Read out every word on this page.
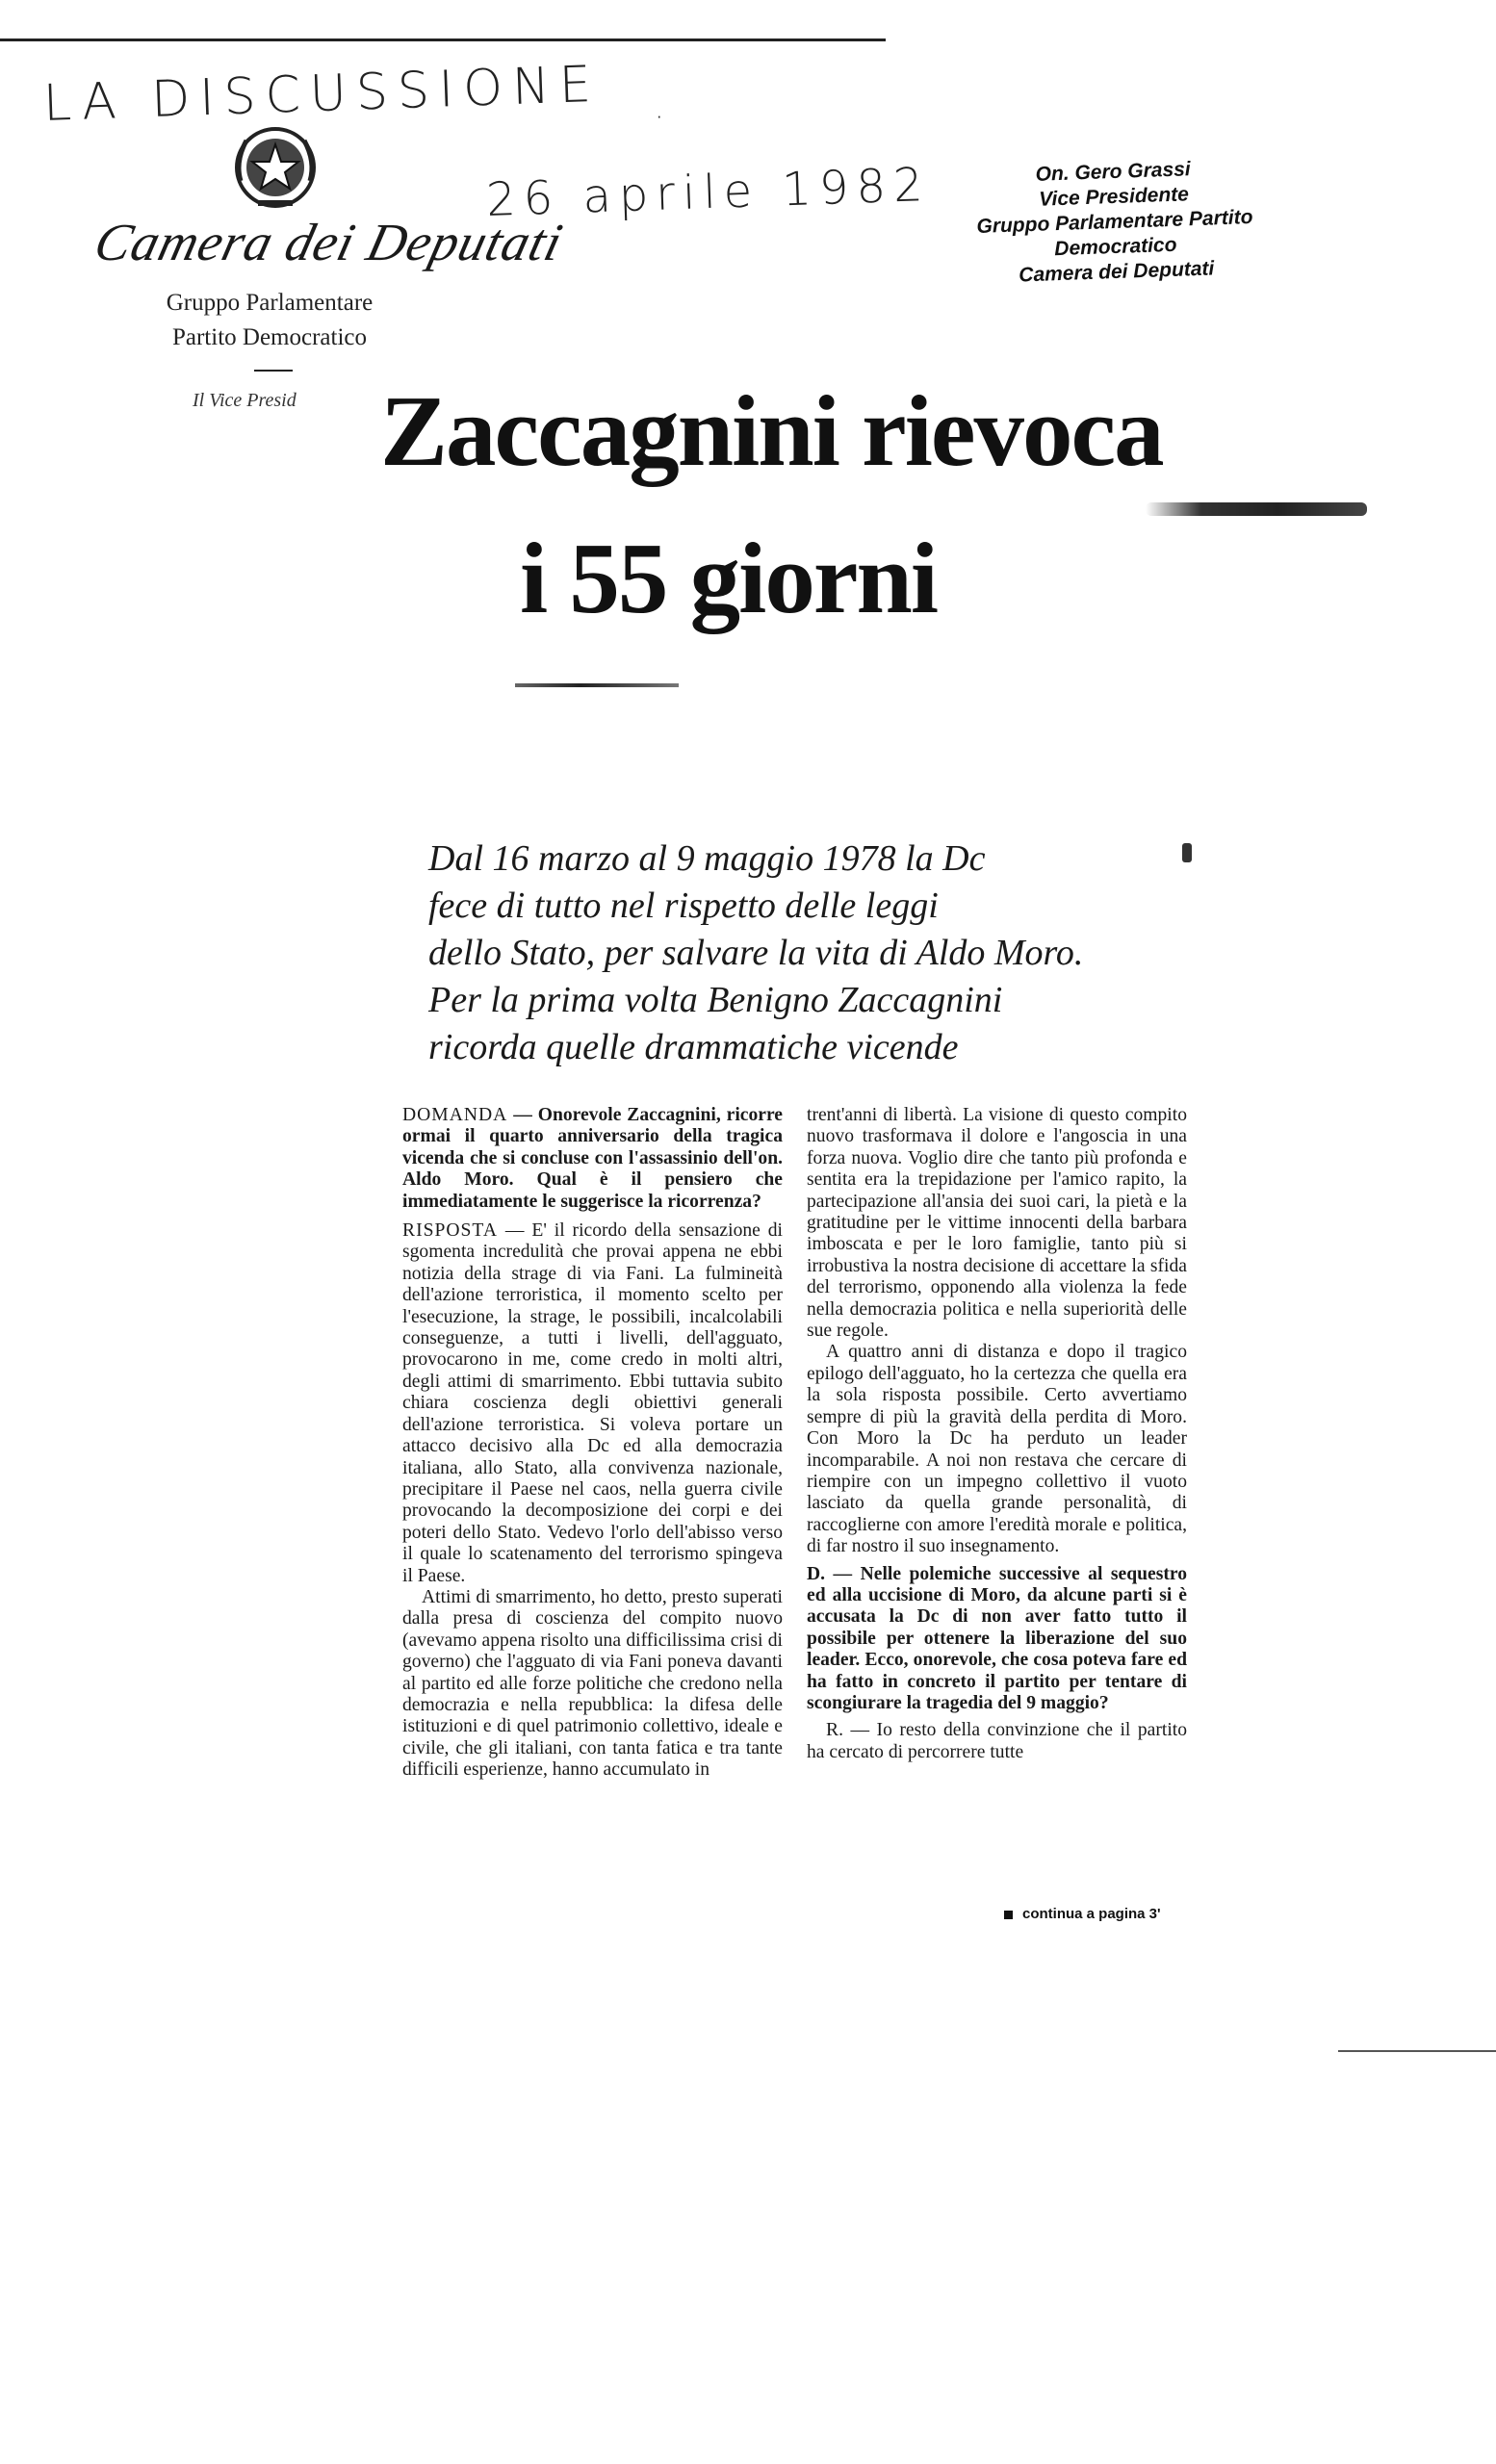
LA DISCUSSIONE ·
26 aprile 1982
Camera dei Deputati
Gruppo Parlamentare
Partito Democratico
Il Vice Presid
On. Gero Grassi
Vice Presidente
Gruppo Parlamentare Partito Democratico
Camera dei Deputati
Zaccagnini rievoca
i 55 giorni
Dal 16 marzo al 9 maggio 1978 la Dc
fece di tutto nel rispetto delle leggi
dello Stato, per salvare la vita di Aldo Moro.
Per la prima volta Benigno Zaccagnini
ricorda quelle drammatiche vicende

DOMANDA — Onorevole Zaccagnini, ricorre ormai il quarto anniversario della tragica vicenda che si concluse con l'assassinio dell'on. Aldo Moro. Qual è il pensiero che immediatamente le suggerisce la ricorrenza?

RISPOSTA — E' il ricordo della sensazione di sgomenta incredulità che provai appena ne ebbi notizia della strage di via Fani. La fulmineità dell'azione terroristica, il momento scelto per l'esecuzione, la strage, le possibili, incalcolabili conseguenze, a tutti i livelli, dell'agguato, provocarono in me, come credo in molti altri, degli attimi di smarrimento. Ebbi tuttavia subito chiara coscienza degli obiettivi generali dell'azione terroristica. Si voleva portare un attacco decisivo alla Dc ed alla democrazia italiana, allo Stato, alla convivenza nazionale, precipitare il Paese nel caos, nella guerra civile provocando la decomposizione dei corpi e dei poteri dello Stato. Vedevo l'orlo dell'abisso verso il quale lo scatenamento del terrorismo spingeva il Paese.

Attimi di smarrimento, ho detto, presto superati dalla presa di coscienza del compito nuovo (avevamo appena risolto una difficilissima crisi di governo) che l'agguato di via Fani poneva davanti al partito ed alle forze politiche che credono nella democrazia e nella repubblica: la difesa delle istituzioni e di quel patrimonio collettivo, ideale e civile, che gli italiani, con tanta fatica e tra tante difficili esperienze, hanno accumulato in

trent'anni di libertà. La visione di questo compito nuovo trasformava il dolore e l'angoscia in una forza nuova. Voglio dire che tanto più profonda e sentita era la trepidazione per l'amico rapito, la partecipazione all'ansia dei suoi cari, la pietà e la gratitudine per le vittime innocenti della barbara imboscata e per le loro famiglie, tanto più si irrobustiva la nostra decisione di accettare la sfida del terrorismo, opponendo alla violenza la fede nella democrazia politica e nella superiorità delle sue regole.

A quattro anni di distanza e dopo il tragico epilogo dell'agguato, ho la certezza che quella era la sola risposta possibile. Certo avvertiamo sempre di più la gravità della perdita di Moro. Con Moro la Dc ha perduto un leader incomparabile. A noi non restava che cercare di riempire con un impegno collettivo il vuoto lasciato da quella grande personalità, di raccoglierne con amore l'eredità morale e politica, di far nostro il suo insegnamento.

D. — Nelle polemiche successive al sequestro ed alla uccisione di Moro, da alcune parti si è accusata la Dc di non aver fatto tutto il possibile per ottenere la liberazione del suo leader. Ecco, onorevole, che cosa poteva fare ed ha fatto in concreto il partito per tentare di scongiurare la tragedia del 9 maggio?

R. — Io resto della convinzione che il partito ha cercato di percorrere tutte

continua a pagina 3'
